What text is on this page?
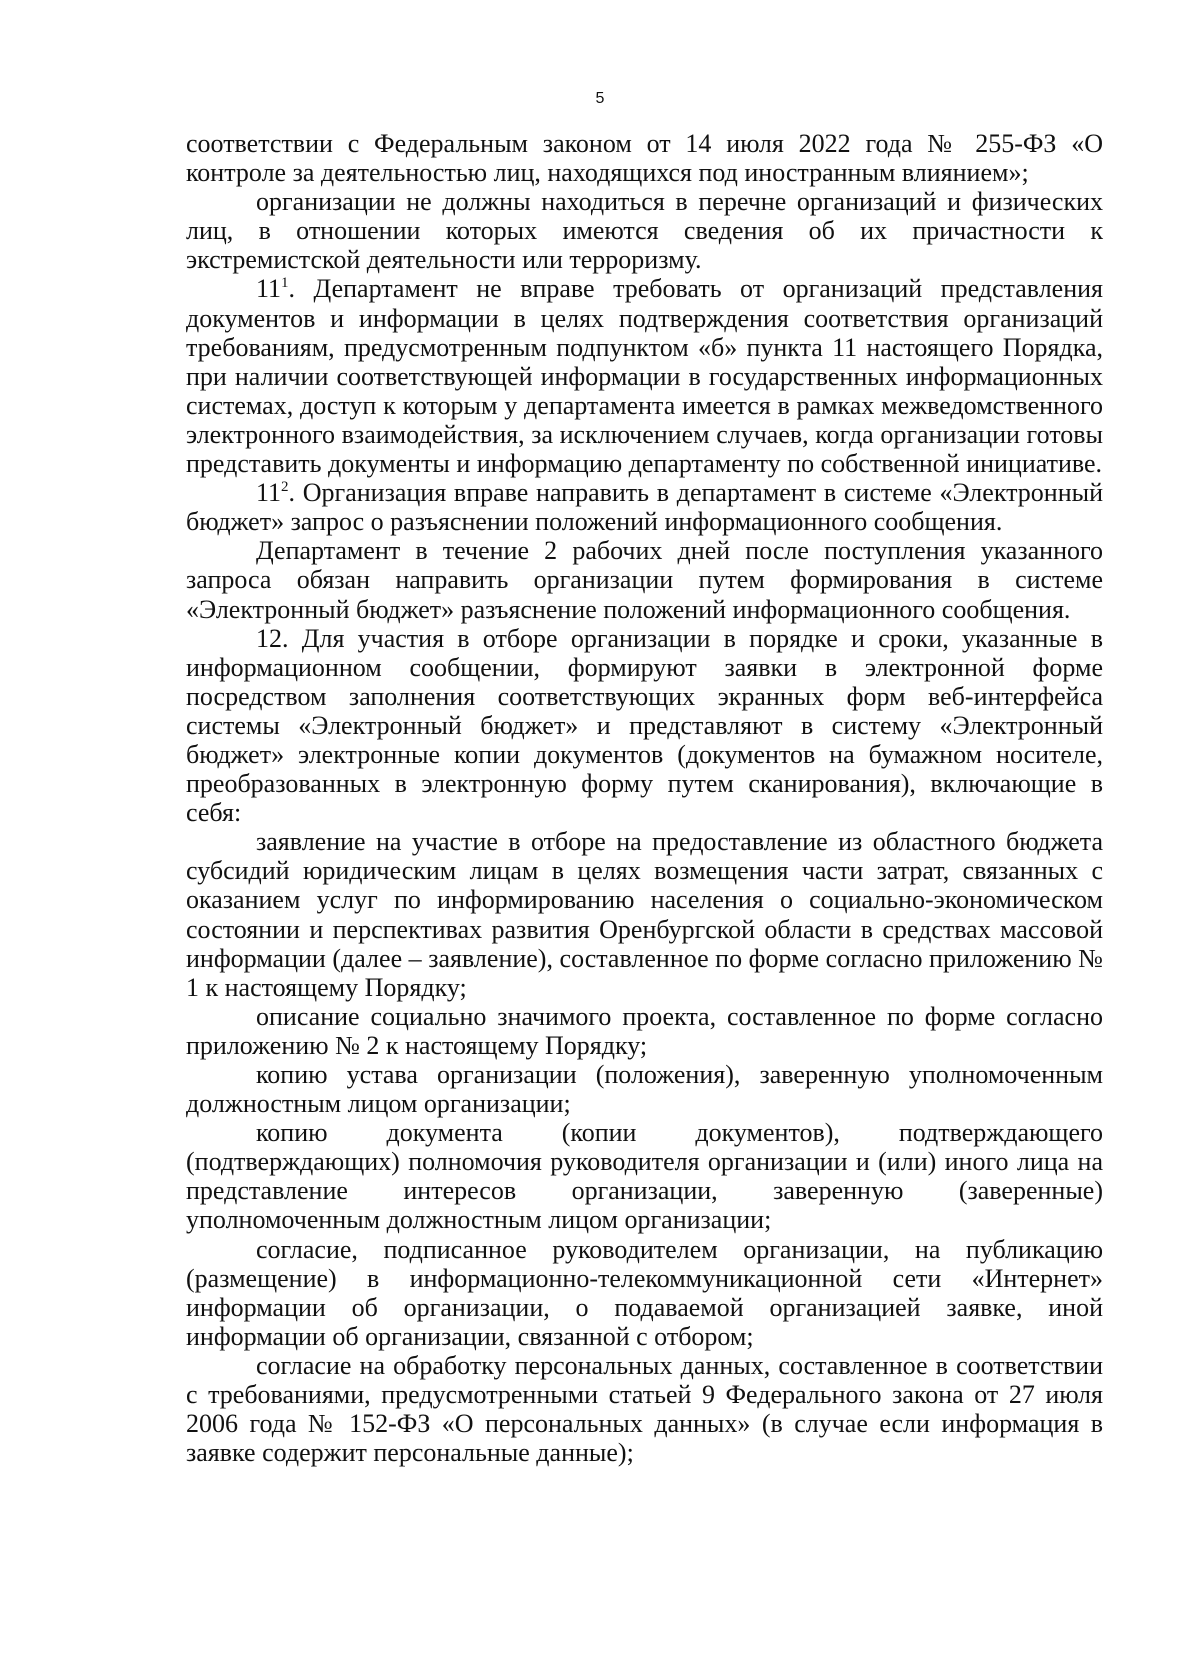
5

соответствии с Федеральным законом от 14 июля 2022 года № 255-ФЗ «О контроле за деятельностью лиц, находящихся под иностранным влиянием»;

организации не должны находиться в перечне организаций и физических лиц, в отношении которых имеются сведения об их причастности к экстремистской деятельности или терроризму.

$11^1$. Департамент не вправе требовать от организаций представления документов и информации в целях подтверждения соответствия организаций требованиям, предусмотренным подпунктом «б» пункта 11 настоящего Порядка, при наличии соответствующей информации в государственных информационных системах, доступ к которым у департамента имеется в рамках межведомственного электронного взаимодействия, за исключением случаев, когда организации готовы представить документы и информацию департаменту по собственной инициативе.

$11^2$. Организация вправе направить в департамент в системе «Электронный бюджет» запрос о разъяснении положений информационного сообщения.

Департамент в течение 2 рабочих дней после поступления указанного запроса обязан направить организации путем формирования в системе «Электронный бюджет» разъяснение положений информационного сообщения.

12. Для участия в отборе организации в порядке и сроки, указанные в информационном сообщении, формируют заявки в электронной форме посредством заполнения соответствующих экранных форм веб-интерфейса системы «Электронный бюджет» и представляют в систему «Электронный бюджет» электронные копии документов (документов на бумажном носителе, преобразованных в электронную форму путем сканирования), включающие в себя:

заявление на участие в отборе на предоставление из областного бюджета субсидий юридическим лицам в целях возмещения части затрат, связанных с оказанием услуг по информированию населения о социально-экономическом состоянии и перспективах развития Оренбургской области в средствах массовой информации (далее – заявление), составленное по форме согласно приложению № 1 к настоящему Порядку;

описание социально значимого проекта, составленное по форме согласно приложению № 2 к настоящему Порядку;

копию устава организации (положения), заверенную уполномоченным должностным лицом организации;

копию документа (копии документов), подтверждающего (подтверждающих) полномочия руководителя организации и (или) иного лица на представление интересов организации, заверенную (заверенные) уполномоченным должностным лицом организации;

согласие, подписанное руководителем организации, на публикацию (размещение) в информационно-телекоммуникационной сети «Интернет» информации об организации, о подаваемой организацией заявке, иной информации об организации, связанной с отбором;

согласие на обработку персональных данных, составленное в соответствии с требованиями, предусмотренными статьей 9 Федерального закона от 27 июля 2006 года № 152-ФЗ «О персональных данных» (в случае если информация в заявке содержит персональные данные);
